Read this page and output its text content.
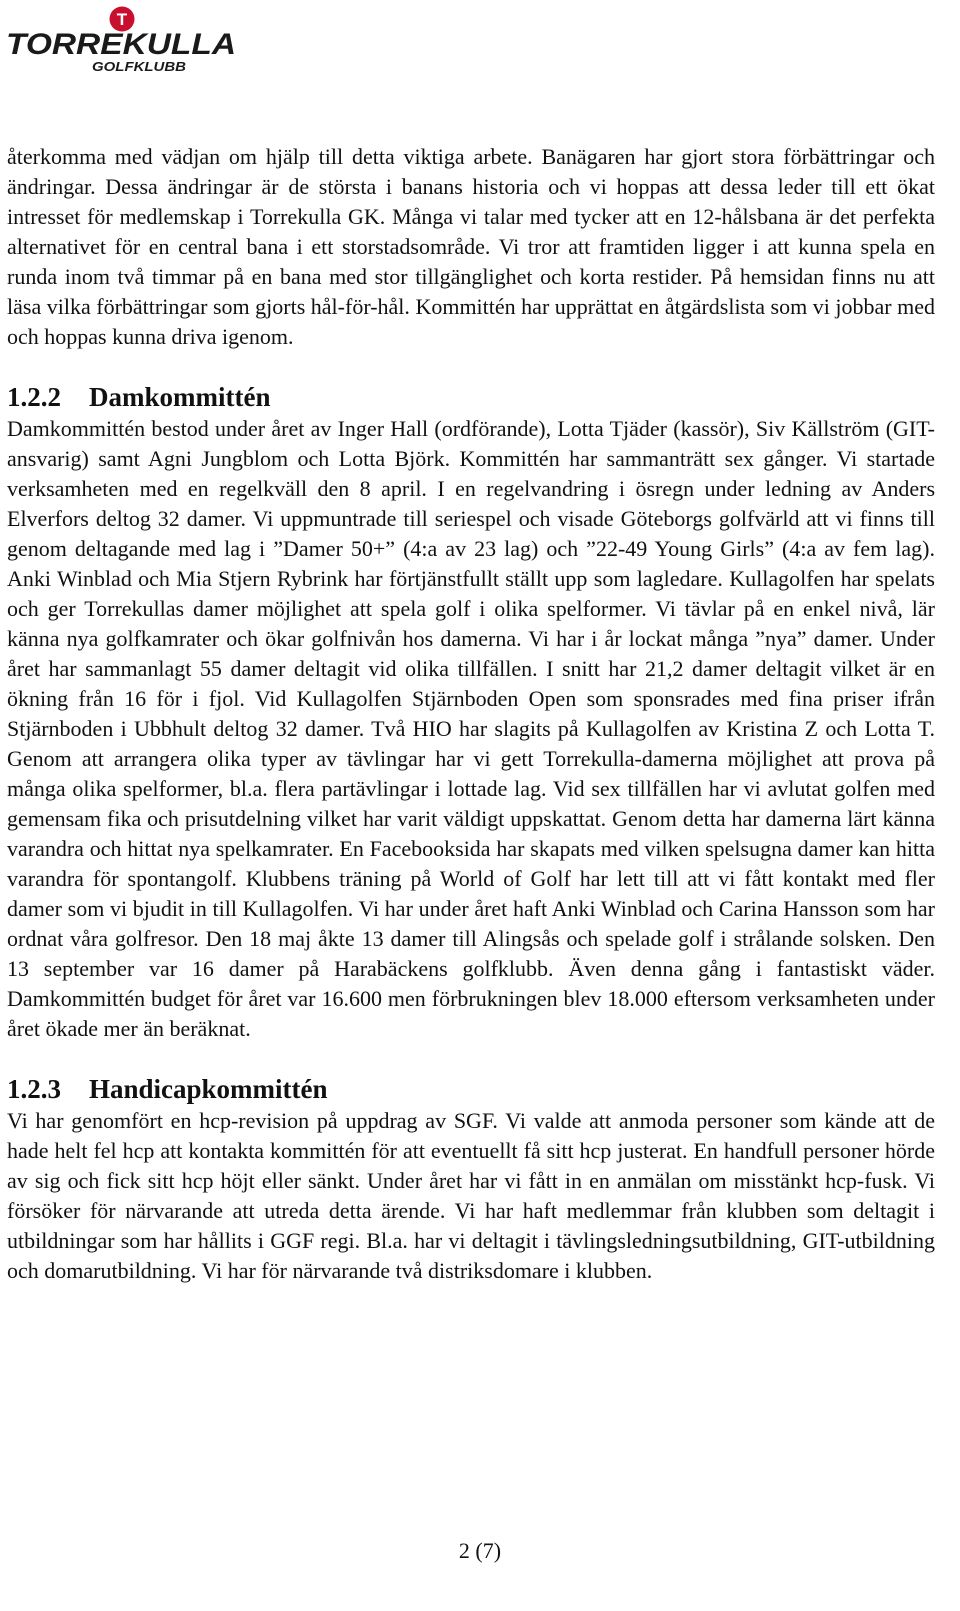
T
TORREKULLA
GOLFKLUBB

återkomma med vädjan om hjälp till detta viktiga arbete. Banägaren har gjort stora förbättringar och ändringar. Dessa ändringar är de största i banans historia och vi hoppas att dessa leder till ett ökat intresset för medlemskap i Torrekulla GK. Många vi talar med tycker att en 12-hålsbana är det perfekta alternativet för en central bana i ett storstadsområde. Vi tror att framtiden ligger i att kunna spela en runda inom två timmar på en bana med stor tillgänglighet och korta restider. På hemsidan finns nu att läsa vilka förbättringar som gjorts hål-för-hål. Kommittén har upprättat en åtgärdslista som vi jobbar med och hoppas kunna driva igenom.

1.2.2	Damkommittén

Damkommittén bestod under året av Inger Hall (ordförande), Lotta Tjäder (kassör), Siv Källström (GIT-ansvarig) samt Agni Jungblom och Lotta Björk. Kommittén har sammanträtt sex gånger. Vi startade verksamheten med en regelkväll den 8 april. I en regelvandring i ösregn under ledning av Anders Elverfors deltog 32 damer. Vi uppmuntrade till seriespel och visade Göteborgs golfvärld att vi finns till genom deltagande med lag i ”Damer 50+” (4:a av 23 lag) och ”22-49 Young Girls” (4:a av fem lag). Anki Winblad och Mia Stjern Rybrink har förtjänstfullt ställt upp som lagledare. Kullagolfen har spelats och ger Torrekullas damer möjlighet att spela golf i olika spelformer. Vi tävlar på en enkel nivå, lär känna nya golfkamrater och ökar golfnivån hos damerna. Vi har i år lockat många ”nya” damer. Under året har sammanlagt 55 damer deltagit vid olika tillfällen. I snitt har 21,2 damer deltagit vilket är en ökning från 16 för i fjol. Vid Kullagolfen Stjärnboden Open som sponsrades med fina priser ifrån Stjärnboden i Ubbhult deltog 32 damer. Två HIO har slagits på Kullagolfen av Kristina Z och Lotta T. Genom att arrangera olika typer av tävlingar har vi gett Torrekulla-damerna möjlighet att prova på många olika spelformer, bl.a. flera partävlingar i lottade lag. Vid sex tillfällen har vi avlutat golfen med gemensam fika och prisutdelning vilket har varit väldigt uppskattat. Genom detta har damerna lärt känna varandra och hittat nya spelkamrater. En Facebooksida har skapats med vilken spelsugna damer kan hitta varandra för spontangolf. Klubbens träning på World of Golf har lett till att vi fått kontakt med fler damer som vi bjudit in till Kullagolfen. Vi har under året haft Anki Winblad och Carina Hansson som har ordnat våra golfresor. Den 18 maj åkte 13 damer till Alingsås och spelade golf i strålande solsken. Den 13 september var 16 damer på Harabäckens golfklubb. Även denna gång i fantastiskt väder. Damkommittén budget för året var 16.600 men förbrukningen blev 18.000 eftersom verksamheten under året ökade mer än beräknat.

1.2.3	Handicapkommittén

Vi har genomfört en hcp-revision på uppdrag av SGF. Vi valde att anmoda personer som kände att de hade helt fel hcp att kontakta kommittén för att eventuellt få sitt hcp justerat. En handfull personer hörde av sig och fick sitt hcp höjt eller sänkt. Under året har vi fått in en anmälan om misstänkt hcp-fusk. Vi försöker för närvarande att utreda detta ärende. Vi har haft medlemmar från klubben som deltagit i utbildningar som har hållits i GGF regi. Bl.a. har vi deltagit i tävlingsledningsutbildning, GIT-utbildning och domarutbildning. Vi har för närvarande två distriksdomare i klubben.

2 (7)
